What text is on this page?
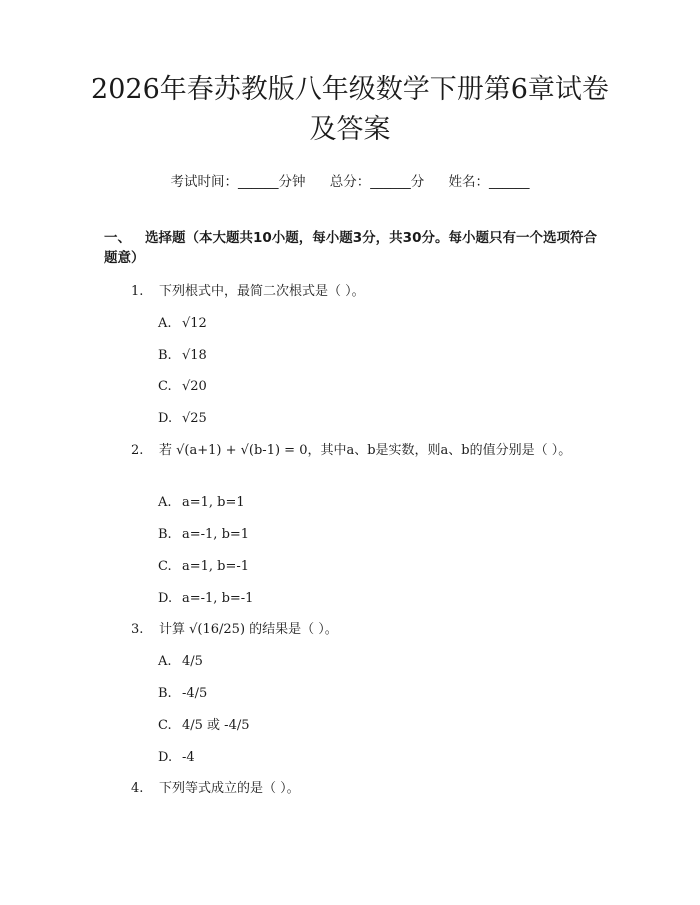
2026年春苏教版八年级数学下册第6章试卷
及答案
考试时间：______分钟 总分：______分 姓名：______
一、 选择题（本大题共10小题，每小题3分，共30分。每小题只有一个选项符合题意）
1. 下列根式中，最简二次根式是（ ）。
A. √12
B. √18
C. √20
D. √25
2. 若 √(a+1) + √(b-1) = 0，其中a、b是实数，则a、b的值分别是（ ）。
A. a=1, b=1
B. a=-1, b=1
C. a=1, b=-1
D. a=-1, b=-1
3. 计算 √(16/25) 的结果是（ ）。
A. 4/5
B. -4/5
C. 4/5 或 -4/5
D. -4
4. 下列等式成立的是（ ）。
